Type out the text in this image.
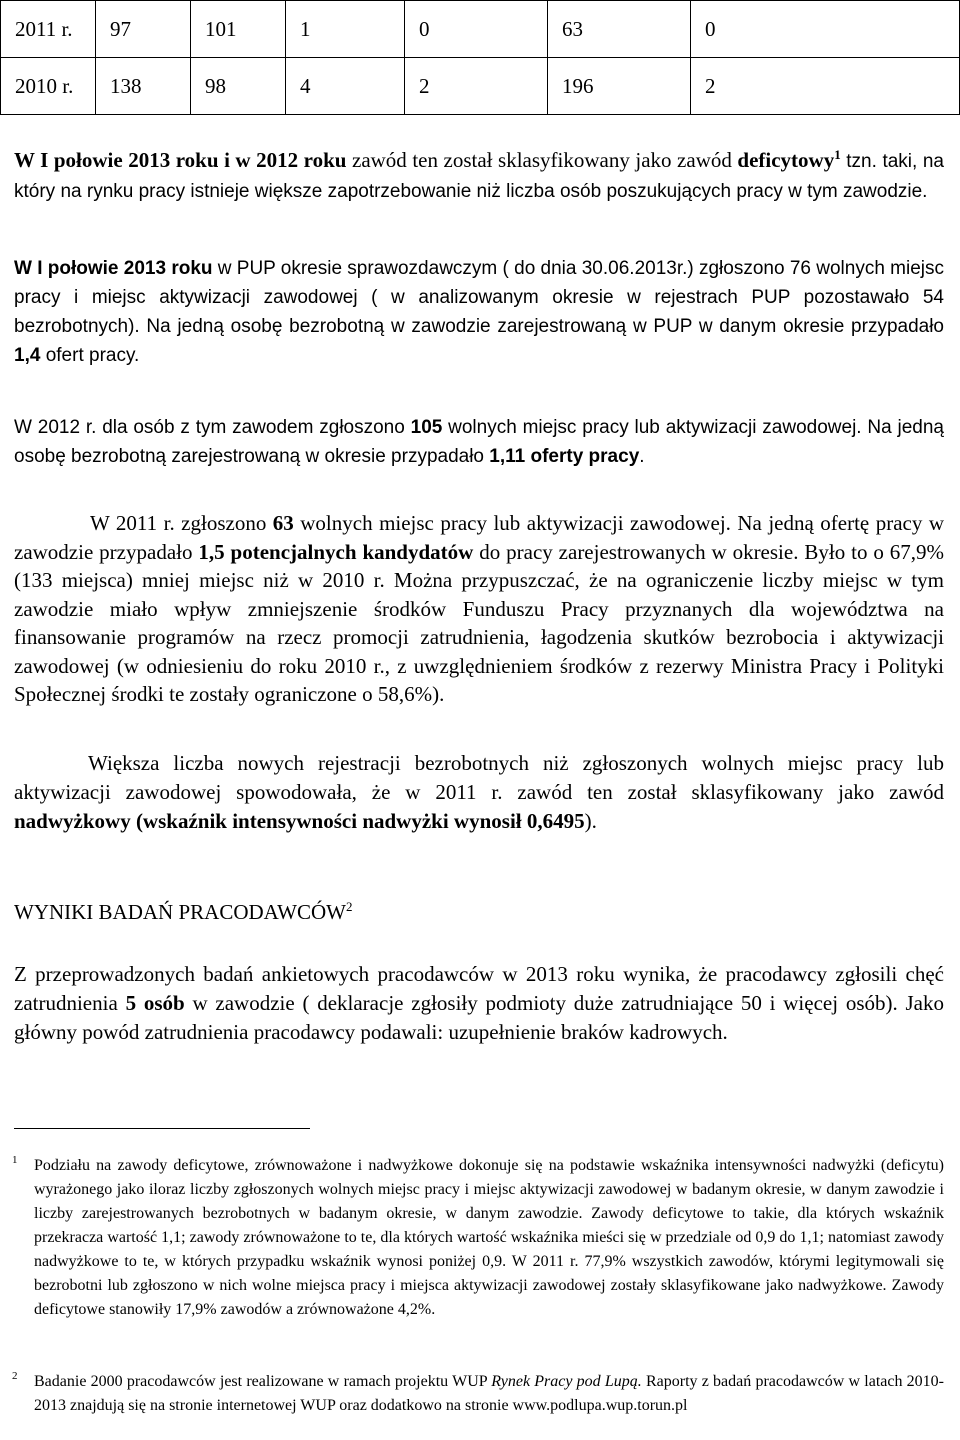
2011 r.	97	101	1	0	63	0
2010 r.	138	98	4	2	196	2

W I połowie 2013 roku i w 2012 roku zawód ten został sklasyfikowany jako zawód deficytowy$^1$ tzn. taki, na który na rynku pracy istnieje większe zapotrzebowanie niż liczba osób poszukujących pracy w tym zawodzie.

W I połowie 2013 roku w PUP okresie sprawozdawczym ( do dnia 30.06.2013r.) zgłoszono 76 wolnych miejsc pracy i miejsc aktywizacji zawodowej ( w analizowanym okresie w rejestrach PUP pozostawało 54 bezrobotnych). Na jedną osobę bezrobotną w zawodzie zarejestrowaną w PUP w danym okresie przypadało 1,4 ofert pracy.

W 2012 r. dla osób z tym zawodem zgłoszono 105 wolnych miejsc pracy lub aktywizacji zawodowej. Na jedną osobę bezrobotną zarejestrowaną w okresie przypadało 1,11 oferty pracy.

W 2011 r. zgłoszono 63 wolnych miejsc pracy lub aktywizacji zawodowej. Na jedną ofertę pracy w zawodzie przypadało 1,5 potencjalnych kandydatów do pracy zarejestrowanych w okresie. Było to o 67,9% (133 miejsca) mniej miejsc niż w 2010 r. Można przypuszczać, że na ograniczenie liczby miejsc w tym zawodzie miało wpływ zmniejszenie środków Funduszu Pracy przyznanych dla województwa na finansowanie programów na rzecz promocji zatrudnienia, łagodzenia skutków bezrobocia i aktywizacji zawodowej (w odniesieniu do roku 2010 r., z uwzględnieniem środków z rezerwy Ministra Pracy i Polityki Społecznej środki te zostały ograniczone o 58,6%).

Większa liczba nowych rejestracji bezrobotnych niż zgłoszonych wolnych miejsc pracy lub aktywizacji zawodowej spowodowała, że w 2011 r. zawód ten został sklasyfikowany jako zawód nadwyżkowy (wskaźnik intensywności nadwyżki wynosił 0,6495).

WYNIKI BADAŃ PRACODAWCÓW$^2$

Z przeprowadzonych badań ankietowych pracodawców w 2013 roku wynika, że pracodawcy zgłosili chęć zatrudnienia 5 osób w zawodzie ( deklaracje zgłosiły podmioty duże zatrudniające 50 i więcej osób). Jako główny powód zatrudnienia pracodawcy podawali: uzupełnienie braków kadrowych.

1 Podziału na zawody deficytowe, zrównoważone i nadwyżkowe dokonuje się na podstawie wskaźnika intensywności nadwyżki (deficytu) wyrażonego jako iloraz liczby zgłoszonych wolnych miejsc pracy i miejsc aktywizacji zawodowej w badanym okresie, w danym zawodzie i liczby zarejestrowanych bezrobotnych w badanym okresie, w danym zawodzie. Zawody deficytowe to takie, dla których wskaźnik przekracza wartość 1,1; zawody zrównoważone to te, dla których wartość wskaźnika mieści się w przedziale od 0,9 do 1,1; natomiast zawody nadwyżkowe to te, w których przypadku wskaźnik wynosi poniżej 0,9. W 2011 r. 77,9% wszystkich zawodów, którymi legitymowali się bezrobotni lub zgłoszono w nich wolne miejsca pracy i miejsca aktywizacji zawodowej zostały sklasyfikowane jako nadwyżkowe. Zawody deficytowe stanowiły 17,9% zawodów a zrównoważone 4,2%.
2 Badanie 2000 pracodawców jest realizowane w ramach projektu WUP Rynek Pracy pod Lupą. Raporty z badań pracodawców w latach 2010- 2013 znajdują się na stronie internetowej WUP oraz dodatkowo na stronie www.podlupa.wup.torun.pl
